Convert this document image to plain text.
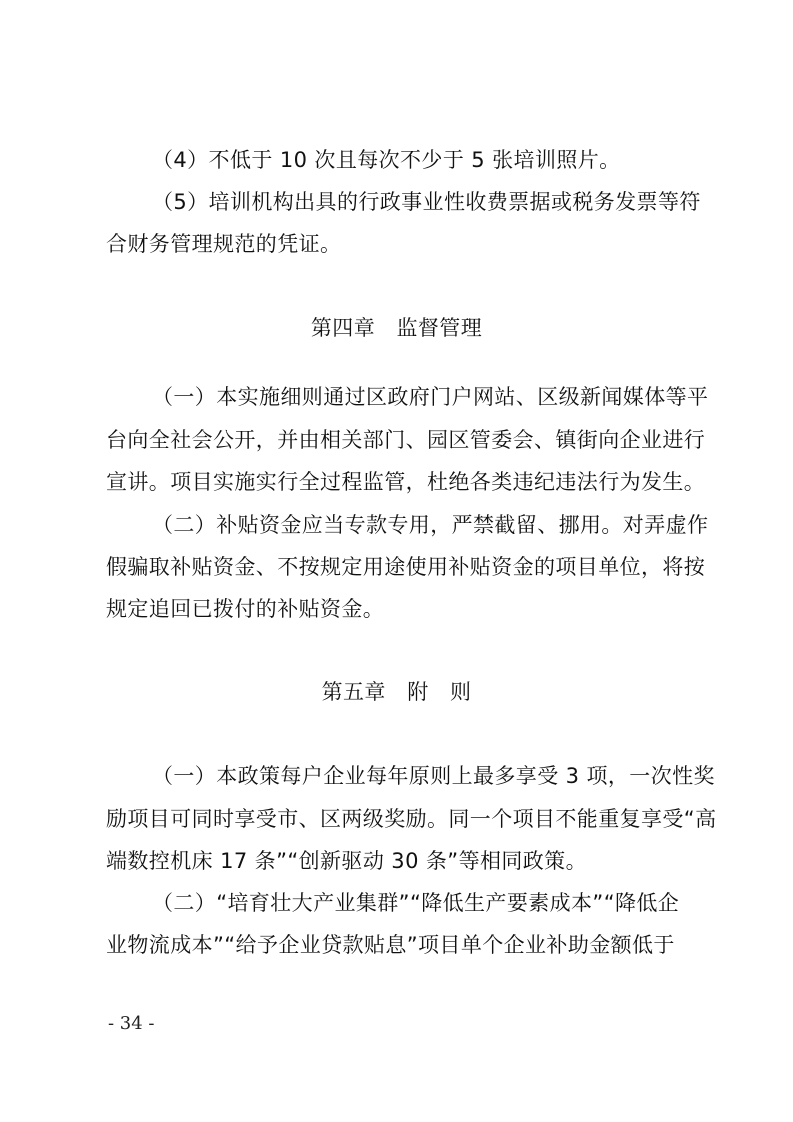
（4）不低于 10 次且每次不少于 5 张培训照片。
（5）培训机构出具的行政事业性收费票据或税务发票等符
合财务管理规范的凭证。
第四章　监督管理
（一）本实施细则通过区政府门户网站、区级新闻媒体等平
台向全社会公开，并由相关部门、园区管委会、镇街向企业进行
宣讲。项目实施实行全过程监管，杜绝各类违纪违法行为发生。
（二）补贴资金应当专款专用，严禁截留、挪用。对弄虚作
假骗取补贴资金、不按规定用途使用补贴资金的项目单位，将按
规定追回已拨付的补贴资金。
第五章　附　则
（一）本政策每户企业每年原则上最多享受 3 项，一次性奖
励项目可同时享受市、区两级奖励。同一个项目不能重复享受“高
端数控机床 17 条”“创新驱动 30 条”等相同政策。
（二）“培育壮大产业集群”“降低生产要素成本”“降低企
业物流成本”“给予企业贷款贴息”项目单个企业补助金额低于
- 34 -
